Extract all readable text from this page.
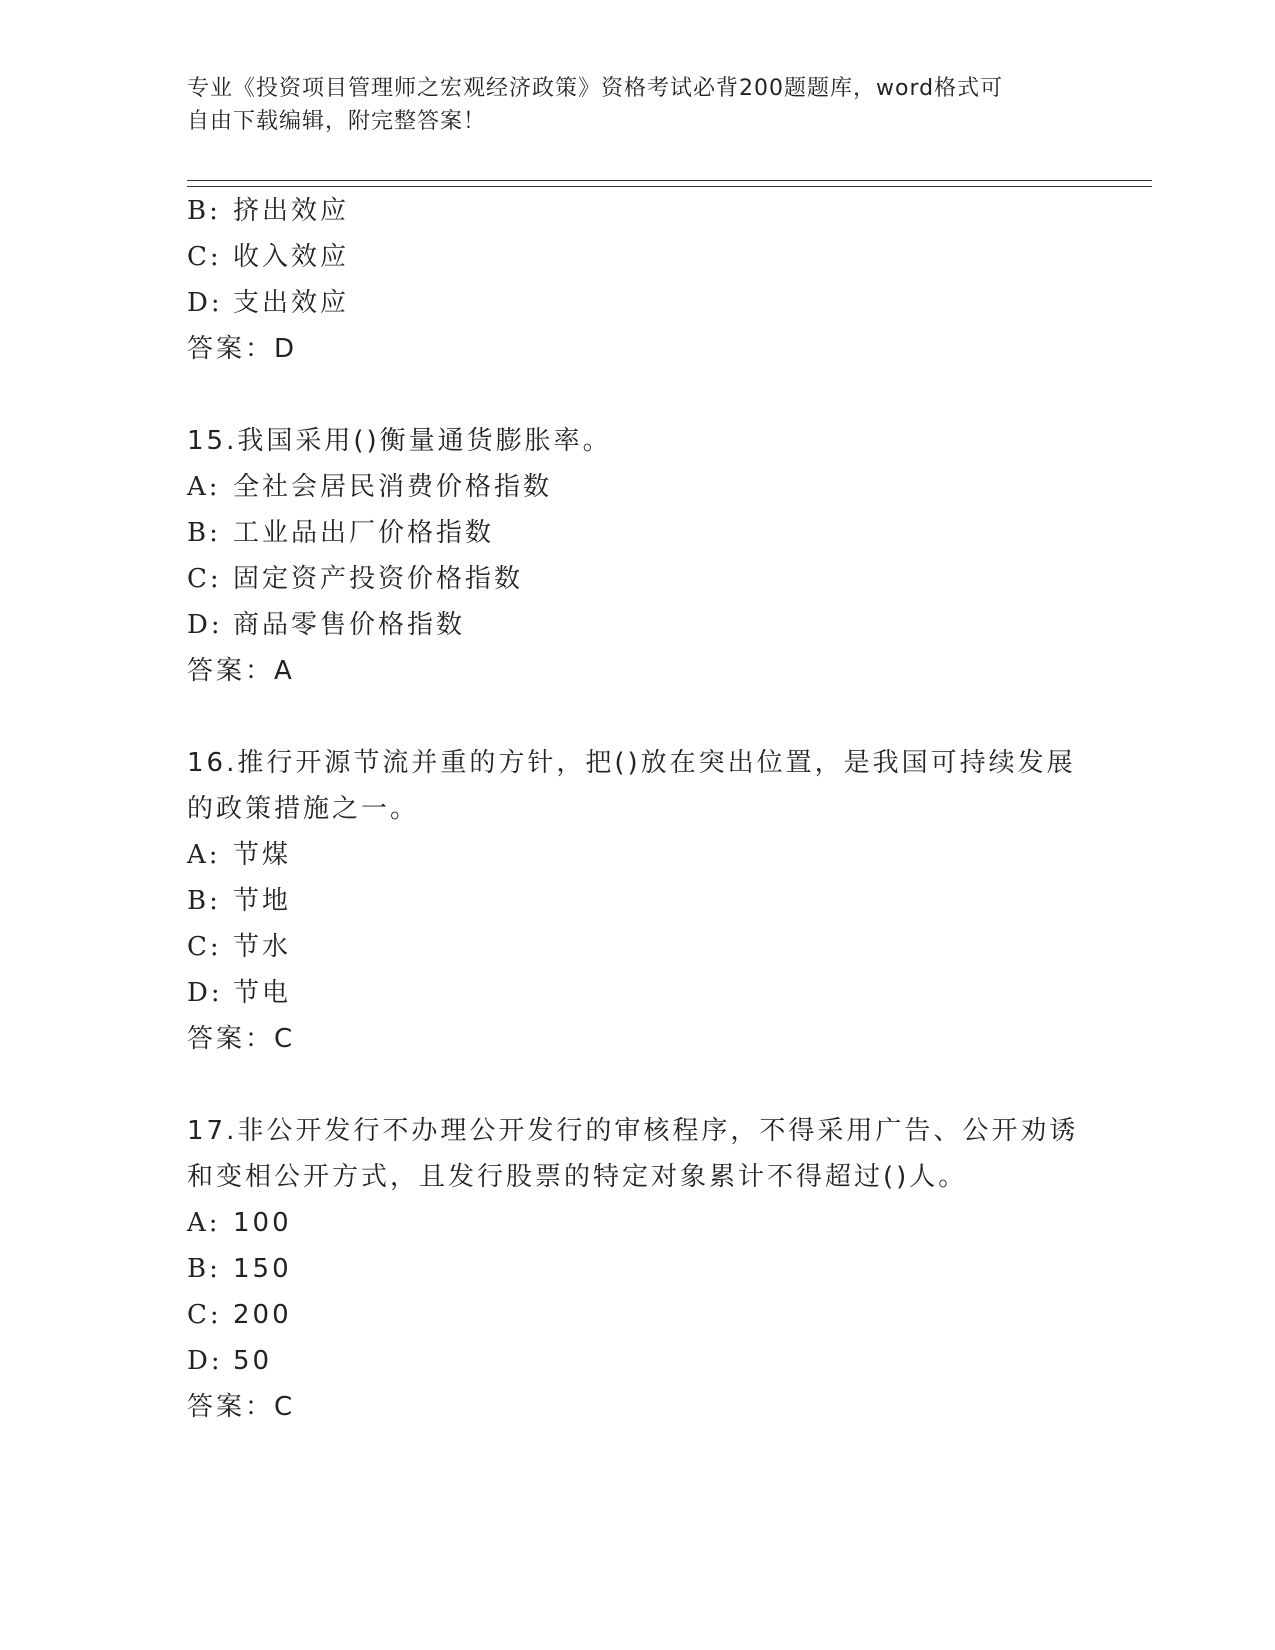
专业《投资项目管理师之宏观经济政策》资格考试必背200题题库，word格式可
自由下载编辑，附完整答案！
B: 挤出效应
C: 收入效应
D: 支出效应
答案：D
15.我国采用()衡量通货膨胀率。
A: 全社会居民消费价格指数
B: 工业品出厂价格指数
C: 固定资产投资价格指数
D: 商品零售价格指数
答案：A
16.推行开源节流并重的方针，把()放在突出位置，是我国可持续发展
的政策措施之一。
A: 节煤
B: 节地
C: 节水
D: 节电
答案：C
17.非公开发行不办理公开发行的审核程序，不得采用广告、公开劝诱
和变相公开方式，且发行股票的特定对象累计不得超过()人。
A: 100
B: 150
C: 200
D: 50
答案：C
